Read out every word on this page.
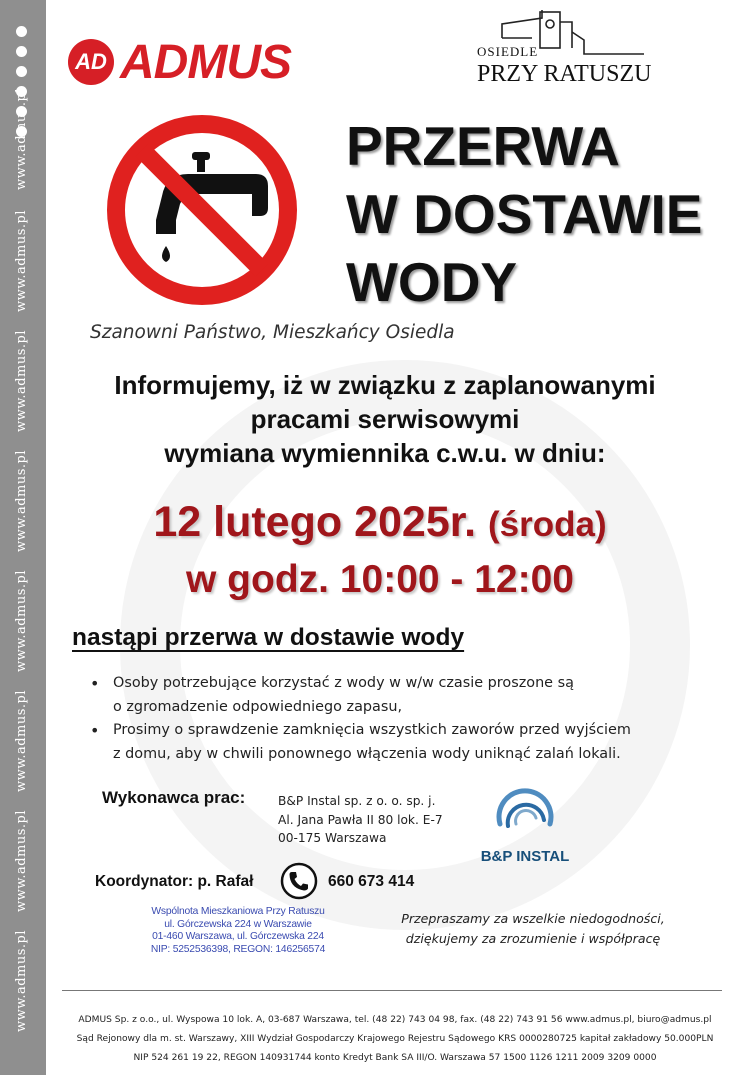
www.admus.pl
www.admus.pl
www.admus.pl
www.admus.pl
www.admus.pl
www.admus.pl
www.admus.pl
www.admus.pl
AD ADMUS	OSIEDLE
PRZY RATUSZU
PRZERWA
W DOSTAWIE
WODY
Szanowni Państwo, Mieszkańcy Osiedla
Informujemy, iż w związku z zaplanowanymi
pracami serwisowymi
wymiana wymiennika c.w.u. w dniu:
12 lutego 2025r. (środa)
w godz. 10:00 - 12:00
nastąpi przerwa w dostawie wody
• Osoby potrzebujące korzystać z wody w w/w czasie proszone są
o zgromadzenie odpowiedniego zapasu,
• Prosimy o sprawdzenie zamknięcia wszystkich zaworów przed wyjściem
z domu, aby w chwili ponownego włączenia wody uniknąć zalań lokali.
Wykonawca prac:	B&P Instal sp. z o. o. sp. j.
Al. Jana Pawła II 80 lok. E-7
00-175 Warszawa
B&P INSTAL
Koordynator: p. Rafał	660 673 414
Wspólnota Mieszkaniowa Przy Ratuszu
ul. Górczewska 224 w Warszawie
01-460 Warszawa, ul. Górczewska 224
NIP: 5252536398, REGON: 146256574
Przepraszamy za wszelkie niedogodności,
dziękujemy za zrozumienie i współpracę
ADMUS Sp. z o.o., ul. Wyspowa 10 lok. A, 03-687 Warszawa, tel. (48 22) 743 04 98, fax. (48 22) 743 91 56 www.admus.pl, biuro@admus.pl
Sąd Rejonowy dla m. st. Warszawy, XIII Wydział Gospodarczy Krajowego Rejestru Sądowego KRS 0000280725 kapitał zakładowy 50.000PLN
NIP 524 261 19 22, REGON 140931744 konto Kredyt Bank SA III/O. Warszawa 57 1500 1126 1211 2009 3209 0000
